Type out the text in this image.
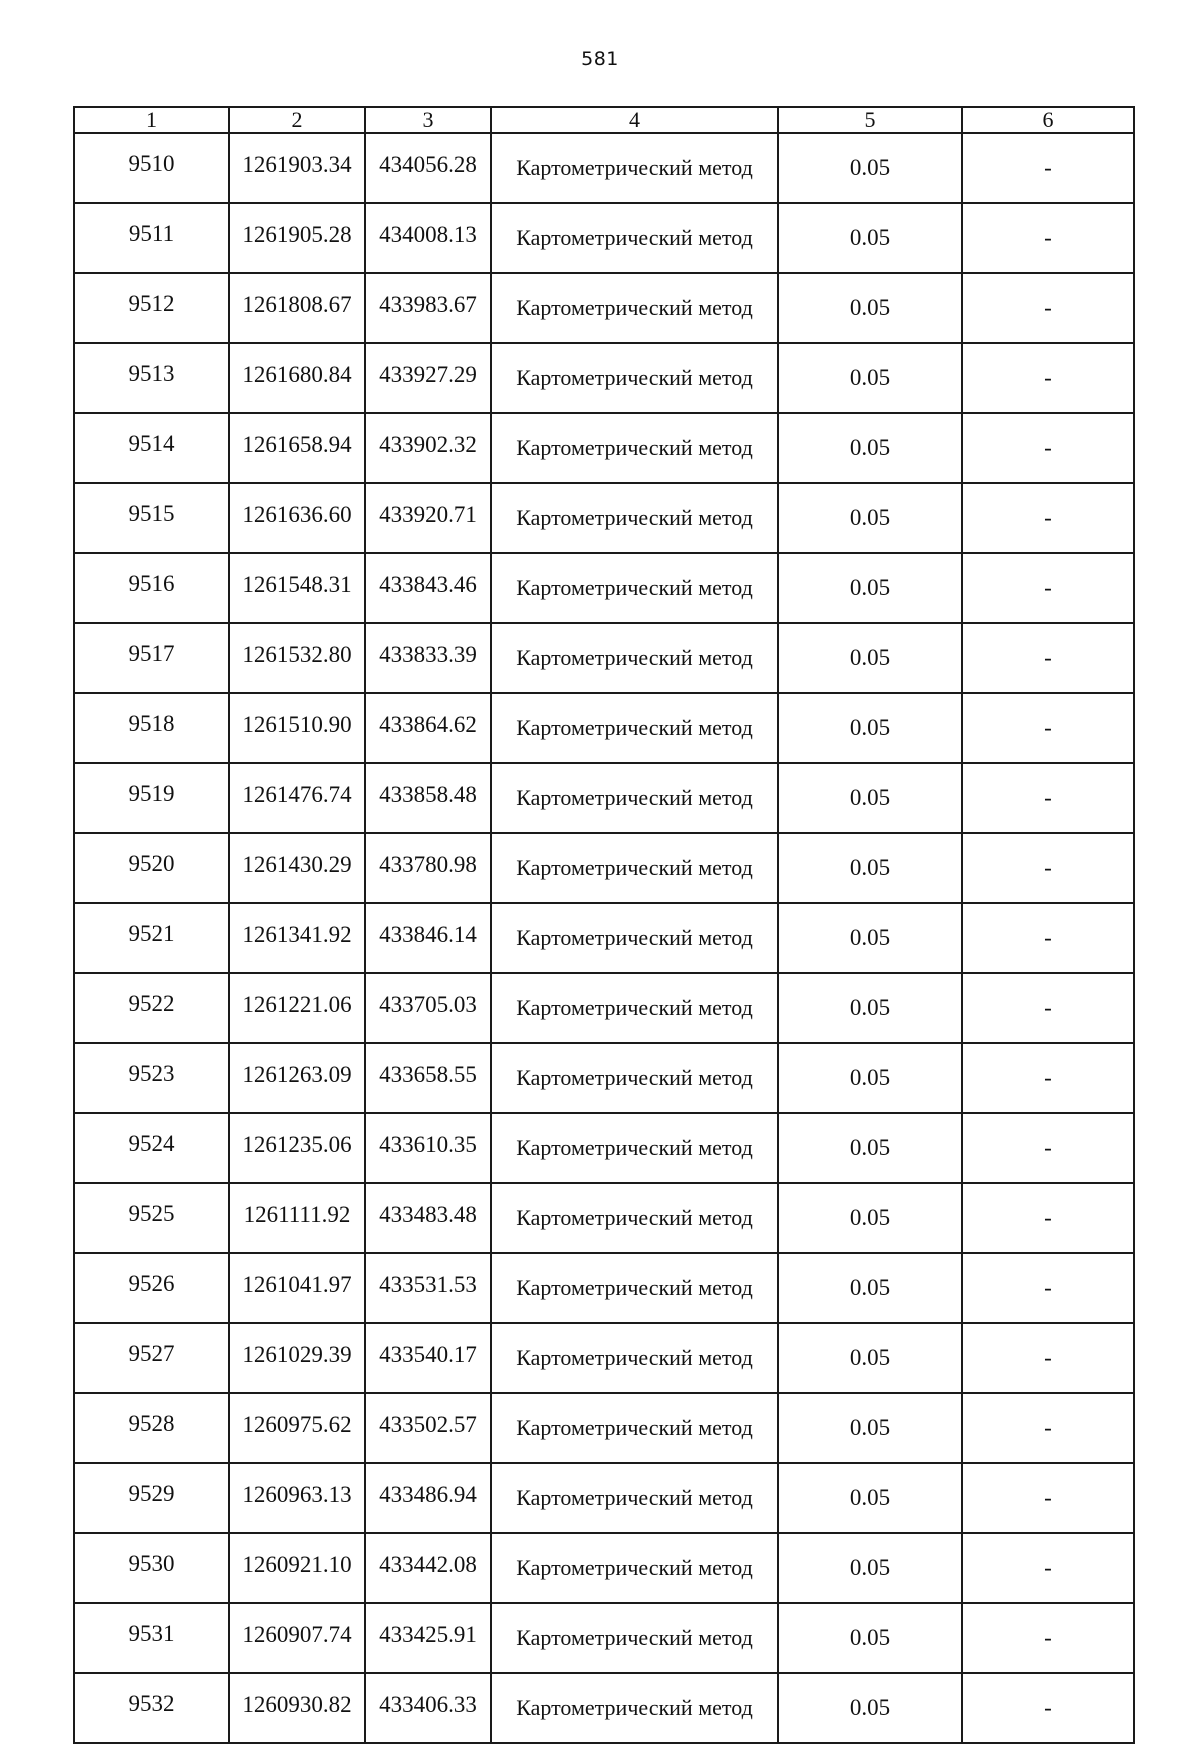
581
1	2	3	4	5	6
9510	1261903.34	434056.28	Картометрический метод	0.05	-
9511	1261905.28	434008.13	Картометрический метод	0.05	-
9512	1261808.67	433983.67	Картометрический метод	0.05	-
9513	1261680.84	433927.29	Картометрический метод	0.05	-
9514	1261658.94	433902.32	Картометрический метод	0.05	-
9515	1261636.60	433920.71	Картометрический метод	0.05	-
9516	1261548.31	433843.46	Картометрический метод	0.05	-
9517	1261532.80	433833.39	Картометрический метод	0.05	-
9518	1261510.90	433864.62	Картометрический метод	0.05	-
9519	1261476.74	433858.48	Картометрический метод	0.05	-
9520	1261430.29	433780.98	Картометрический метод	0.05	-
9521	1261341.92	433846.14	Картометрический метод	0.05	-
9522	1261221.06	433705.03	Картометрический метод	0.05	-
9523	1261263.09	433658.55	Картометрический метод	0.05	-
9524	1261235.06	433610.35	Картометрический метод	0.05	-
9525	1261111.92	433483.48	Картометрический метод	0.05	-
9526	1261041.97	433531.53	Картометрический метод	0.05	-
9527	1261029.39	433540.17	Картометрический метод	0.05	-
9528	1260975.62	433502.57	Картометрический метод	0.05	-
9529	1260963.13	433486.94	Картометрический метод	0.05	-
9530	1260921.10	433442.08	Картометрический метод	0.05	-
9531	1260907.74	433425.91	Картометрический метод	0.05	-
9532	1260930.82	433406.33	Картометрический метод	0.05	-
